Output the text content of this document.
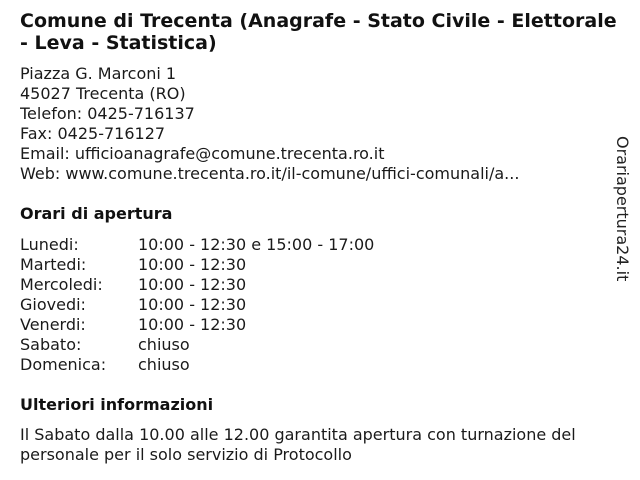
Comune di Trecenta (Anagrafe - Stato Civile - Elettorale- Leva - Statistica)
Piazza G. Marconi 1
45027 Trecenta (RO)
Telefon: 0425-716137
Fax: 0425-716127
Email: ufficioanagrafe@comune.trecenta.ro.it
Web: www.comune.trecenta.ro.it/il-comune/uffici-comunali/a...
Orari di apertura
Lunedi:	10:00 - 12:30 e 15:00 - 17:00
Martedi:	10:00 - 12:30
Mercoledi:	10:00 - 12:30
Giovedi:	10:00 - 12:30
Venerdi:	10:00 - 12:30
Sabato:	chiuso
Domenica:	chiuso
Ulteriori informazioni
Il Sabato dalla 10.00 alle 12.00 garantita apertura con turnazione del personale per il solo servizio di Protocollo
Orariapertura24.it
